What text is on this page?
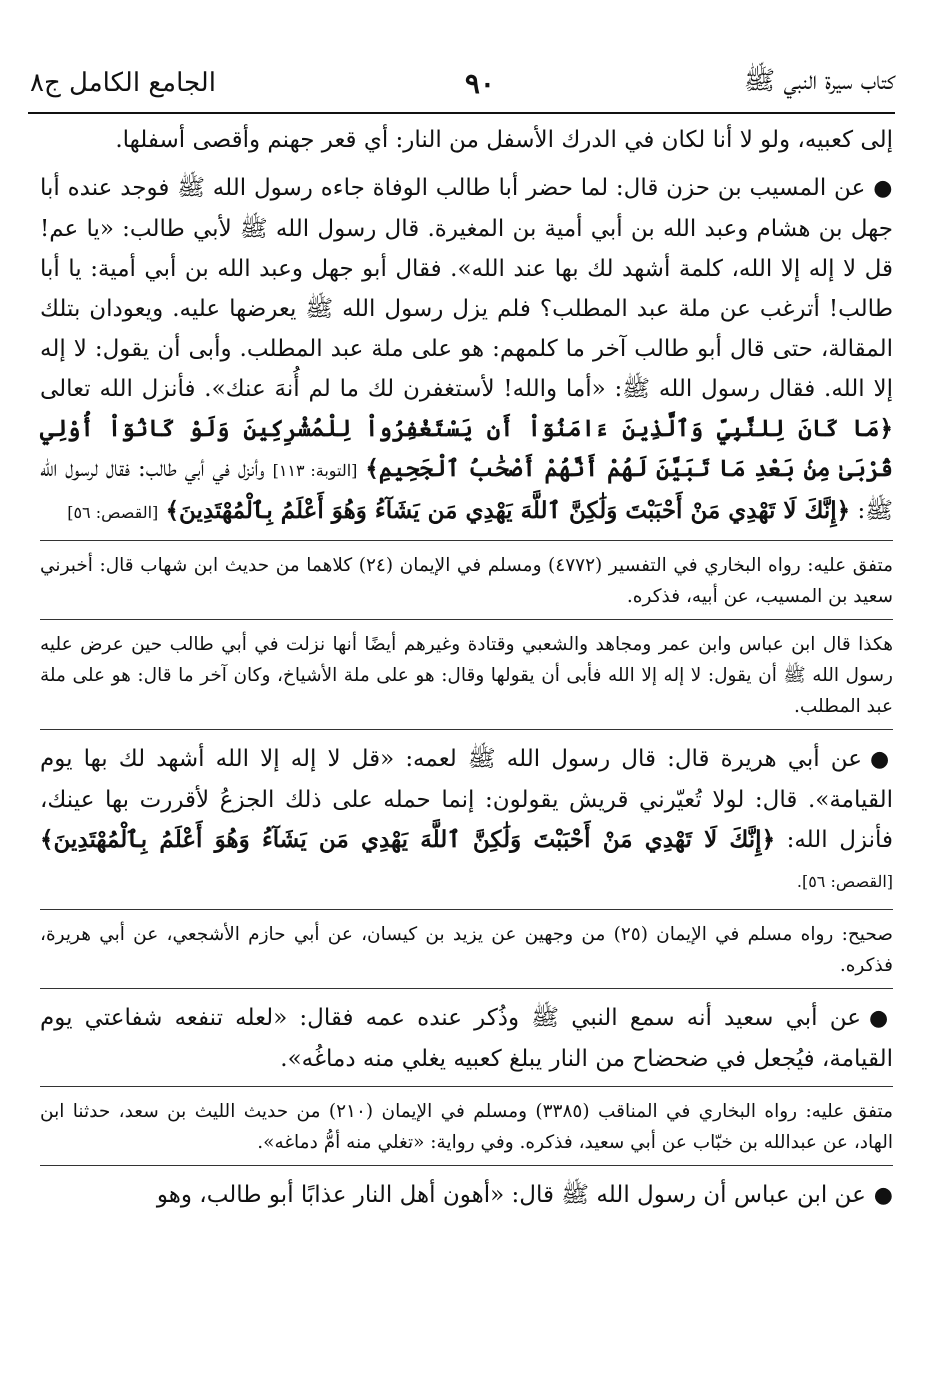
كتاب سيرة النبي ﷺ
٩٠
الجامع الكامل ج٨

إلى كعبيه، ولو لا أنا لكان في الدرك الأسفل من النار: أي قعر جهنم وأقصى أسفلها.

●عن المسيب بن حزن قال: لما حضر أبا طالب الوفاة جاءه رسول الله ﷺ فوجد عنده أبا جهل بن هشام وعبد الله بن أبي أمية بن المغيرة. قال رسول الله ﷺ لأبي طالب: «يا عم! قل لا إله إلا الله، كلمة أشهد لك بها عند الله». فقال أبو جهل وعبد الله بن أبي أمية: يا أبا طالب! أترغب عن ملة عبد المطلب؟ فلم يزل رسول الله ﷺ يعرضها عليه. ويعودان بتلك المقالة، حتى قال أبو طالب آخر ما كلمهم: هو على ملة عبد المطلب. وأبى أن يقول: لا إله إلا الله. فقال رسول الله ﷺ: «أما والله! لأستغفرن لك ما لم أُنهَ عنك». فأنزل الله تعالى ﴿مَا كَانَ لِلنَّبِيِّ وَٱلَّذِينَ ءَامَنُوٓاْ أَن يَسْتَغْفِرُواْ لِلْمُشْرِكِينَ وَلَوْ كَانُوٓاْ أُوْلِي قُرْبَىٰ مِنۢ بَعْدِ مَا تَبَيَّنَ لَهُمْ أَنَّهُمْ أَصْحَٰبُ ٱلْجَحِيمِ﴾ [التوبة: ١١٣] وأنزل في أبي طالب: فقال لرسول الله ﷺ: ﴿إِنَّكَ لَا تَهْدِي مَنْ أَحْبَبْتَ وَلَٰكِنَّ ٱللَّهَ يَهْدِي مَن يَشَآءُ وَهُوَ أَعْلَمُ بِٱلْمُهْتَدِينَ﴾ [القصص: ٥٦]

متفق عليه: رواه البخاري في التفسير (٤٧٧٢) ومسلم في الإيمان (٢٤) كلاهما من حديث ابن شهاب قال: أخبرني سعيد بن المسيب، عن أبيه، فذكره.

هكذا قال ابن عباس وابن عمر ومجاهد والشعبي وقتادة وغيرهم أيضًا أنها نزلت في أبي طالب حين عرض عليه رسول الله ﷺ أن يقول: لا إله إلا الله فأبى أن يقولها وقال: هو على ملة الأشياخ، وكان آخر ما قال: هو على ملة عبد المطلب.

●عن أبي هريرة قال: قال رسول الله ﷺ لعمه: «قل لا إله إلا الله أشهد لك بها يوم القيامة». قال: لولا تُعيّرني قريش يقولون: إنما حمله على ذلك الجزعُ لأقررت بها عينك، فأنزل الله: ﴿إِنَّكَ لَا تَهْدِي مَنْ أَحْبَبْتَ وَلَٰكِنَّ ٱللَّهَ يَهْدِي مَن يَشَآءُ وَهُوَ أَعْلَمُ بِٱلْمُهْتَدِينَ﴾ [القصص: ٥٦].

صحيح: رواه مسلم في الإيمان (٢٥) من وجهين عن يزيد بن كيسان، عن أبي حازم الأشجعي، عن أبي هريرة، فذكره.

●عن أبي سعيد أنه سمع النبي ﷺ وذُكر عنده عمه فقال: «لعله تنفعه شفاعتي يوم القيامة، فيُجعل في ضحضاح من النار يبلغ كعبيه يغلي منه دماغُه».

متفق عليه: رواه البخاري في المناقب (٣٣٨٥) ومسلم في الإيمان (٢١٠) من حديث الليث بن سعد، حدثنا ابن الهاد، عن عبدالله بن خبّاب عن أبي سعيد، فذكره. وفي رواية: «تغلي منه أمُّ دماغه».

●عن ابن عباس أن رسول الله ﷺ قال: «أهون أهل النار عذابًا أبو طالب، وهو
